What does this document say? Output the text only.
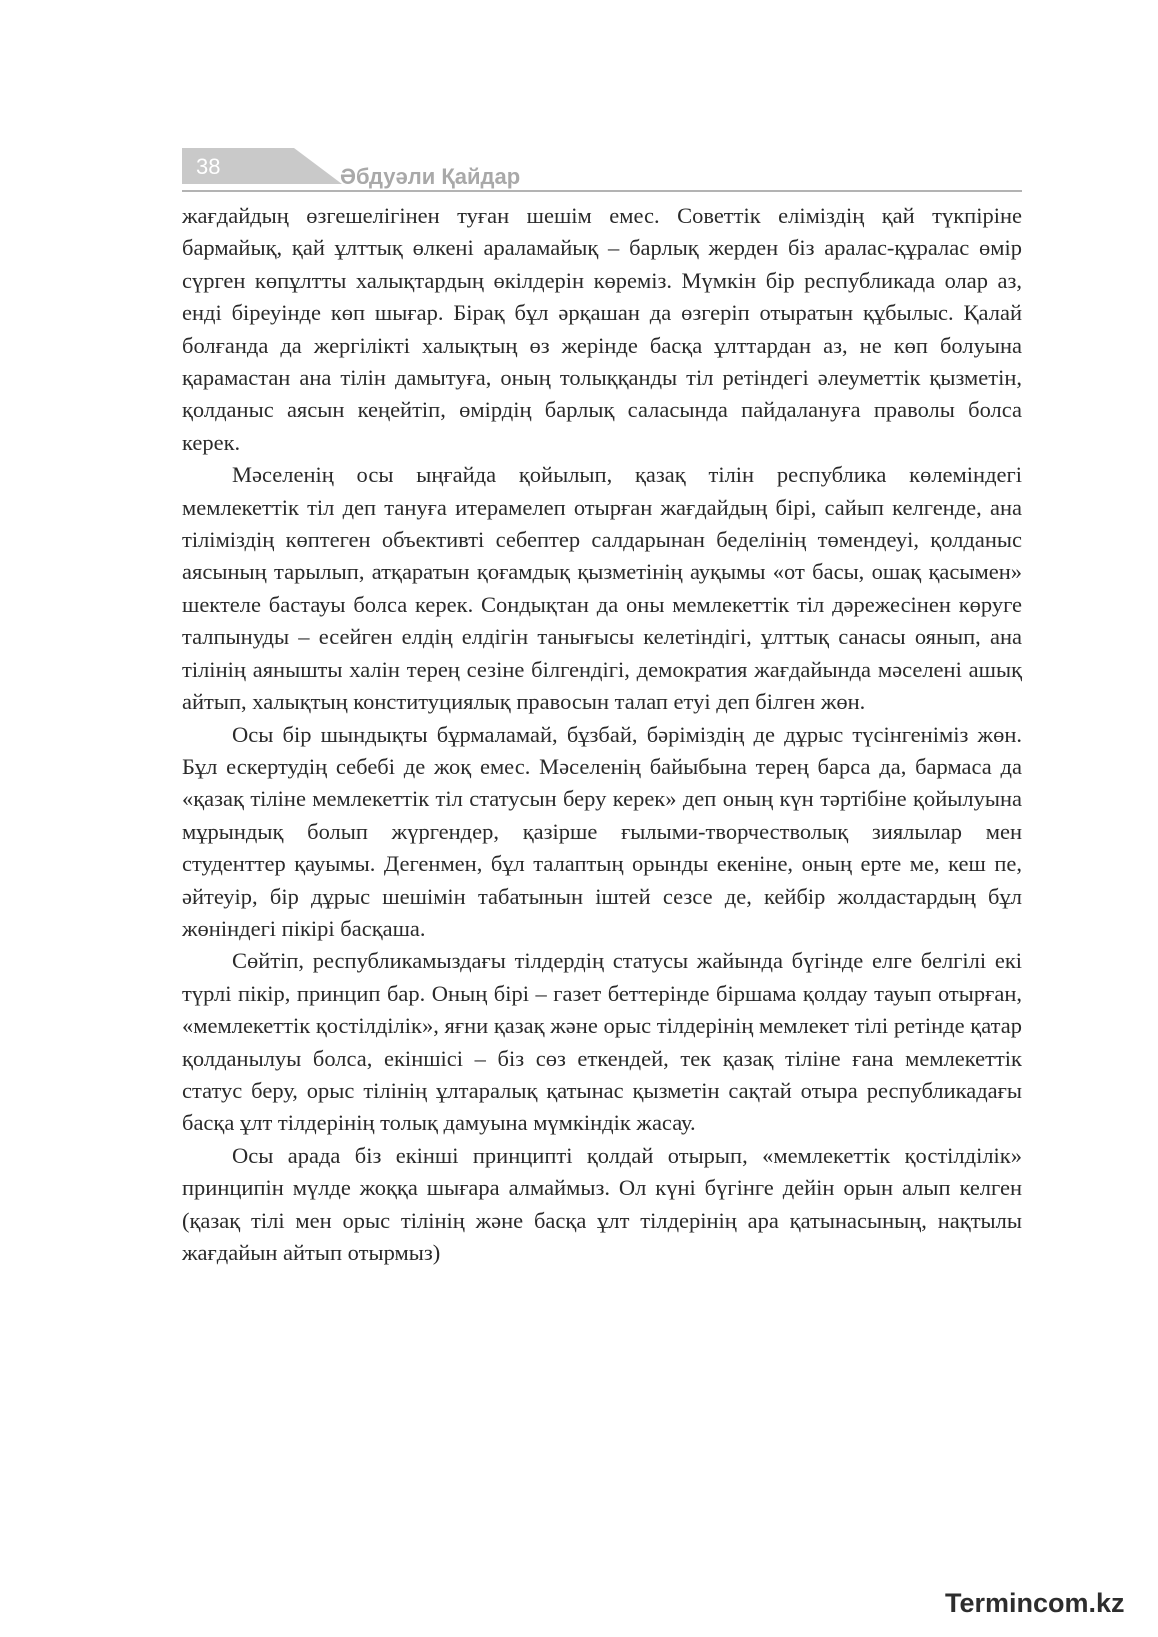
38	Әбдуәли Қайдар

жағдайдың өзгешелігінен туған шешім емес. Советтік еліміздің қай түкпіріне бармайық, қай ұлттық өлкені араламайық – барлық жерден біз аралас-құралас өмір сүрген көпұлтты халықтардың өкілдерін көреміз. Мүмкін бір республикада олар аз, енді біреуінде көп шығар. Бірақ бұл әрқашан да өзгеріп отыратын құбылыс. Қалай болғанда да жергілікті халықтың өз жерінде басқа ұлттардан аз, не көп болуына қарамастан ана тілін дамытуға, оның толыққанды тіл ретіндегі әлеуметтік қызметін, қолданыс аясын кеңейтіп, өмірдің барлық саласында пайдалануға праволы болса керек.

Мәселенің осы ыңғайда қойылып, қазақ тілін республика көлеміндегі мемлекеттік тіл деп тануға итерамелеп отырған жағдайдың бірі, сайып келгенде, ана тіліміздің көптеген объективті себептер салдарынан беделінің төмендеуі, қолданыс аясының тарылып, атқаратын қоғамдық қызметінің ауқымы «от басы, ошақ қасымен» шектеле бастауы болса керек. Сондықтан да оны мемлекеттік тіл дәрежесінен көруге талпынуды – есейген елдің елдігін танығысы келетіндігі, ұлттық санасы оянып, ана тілінің аянышты халін терең сезіне білгендігі, демократия жағдайында мәселені ашық айтып, халықтың конституциялық правосын талап етуі деп білген жөн.

Осы бір шындықты бұрмаламай, бұзбай, бәріміздің де дұрыс түсінгеніміз жөн. Бұл ескертудің себебі де жоқ емес. Мәселенің байыбына терең барса да, бармаса да «қазақ тіліне мемлекеттік тіл статусын беру керек» деп оның күн тәртібіне қойылуына мұрындық болып жүргендер, қазірше ғылыми-творчестволық зиялылар мен студенттер қауымы. Дегенмен, бұл талаптың орынды екеніне, оның ерте ме, кеш пе, әйтеуір, бір дұрыс шешімін табатынын іштей сезсе де, кейбір жолдастардың бұл жөніндегі пікірі басқаша.

Сөйтіп, республикамыздағы тілдердің статусы жайында бүгінде елге белгілі екі түрлі пікір, принцип бар. Оның бірі – газет беттерінде біршама қолдау тауып отырған, «мемлекеттік қостілділік», яғни қазақ және орыс тілдерінің мемлекет тілі ретінде қатар қолданылуы болса, екіншісі – біз сөз еткендей, тек қазақ тіліне ғана мемлекеттік статус беру, орыс тілінің ұлтаралық қатынас қызметін сақтай отыра республикадағы басқа ұлт тілдерінің толық дамуына мүмкіндік жасау.

Осы арада біз екінші принципті қолдай отырып, «мемлекеттік қостілділік» принципін мүлде жоққа шығара алмаймыз. Ол күні бүгінге дейін орын алып келген (қазақ тілі мен орыс тілінің және басқа ұлт тілдерінің ара қатынасының, нақтылы жағдайын айтып отырмыз)

Termincom.kz
